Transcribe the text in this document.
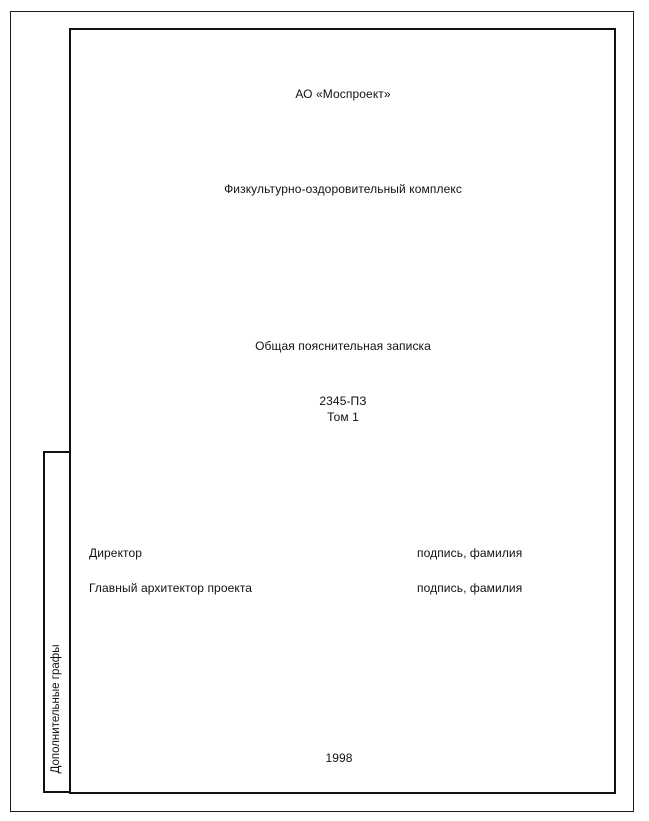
Дополнительные графы
АО «Моспроект»
Физкультурно-оздоровительный комплекс
Общая пояснительная записка
2345-ПЗ
Том 1
Директор	подпись, фамилия
Главный архитектор проекта	подпись, фамилия
1998
